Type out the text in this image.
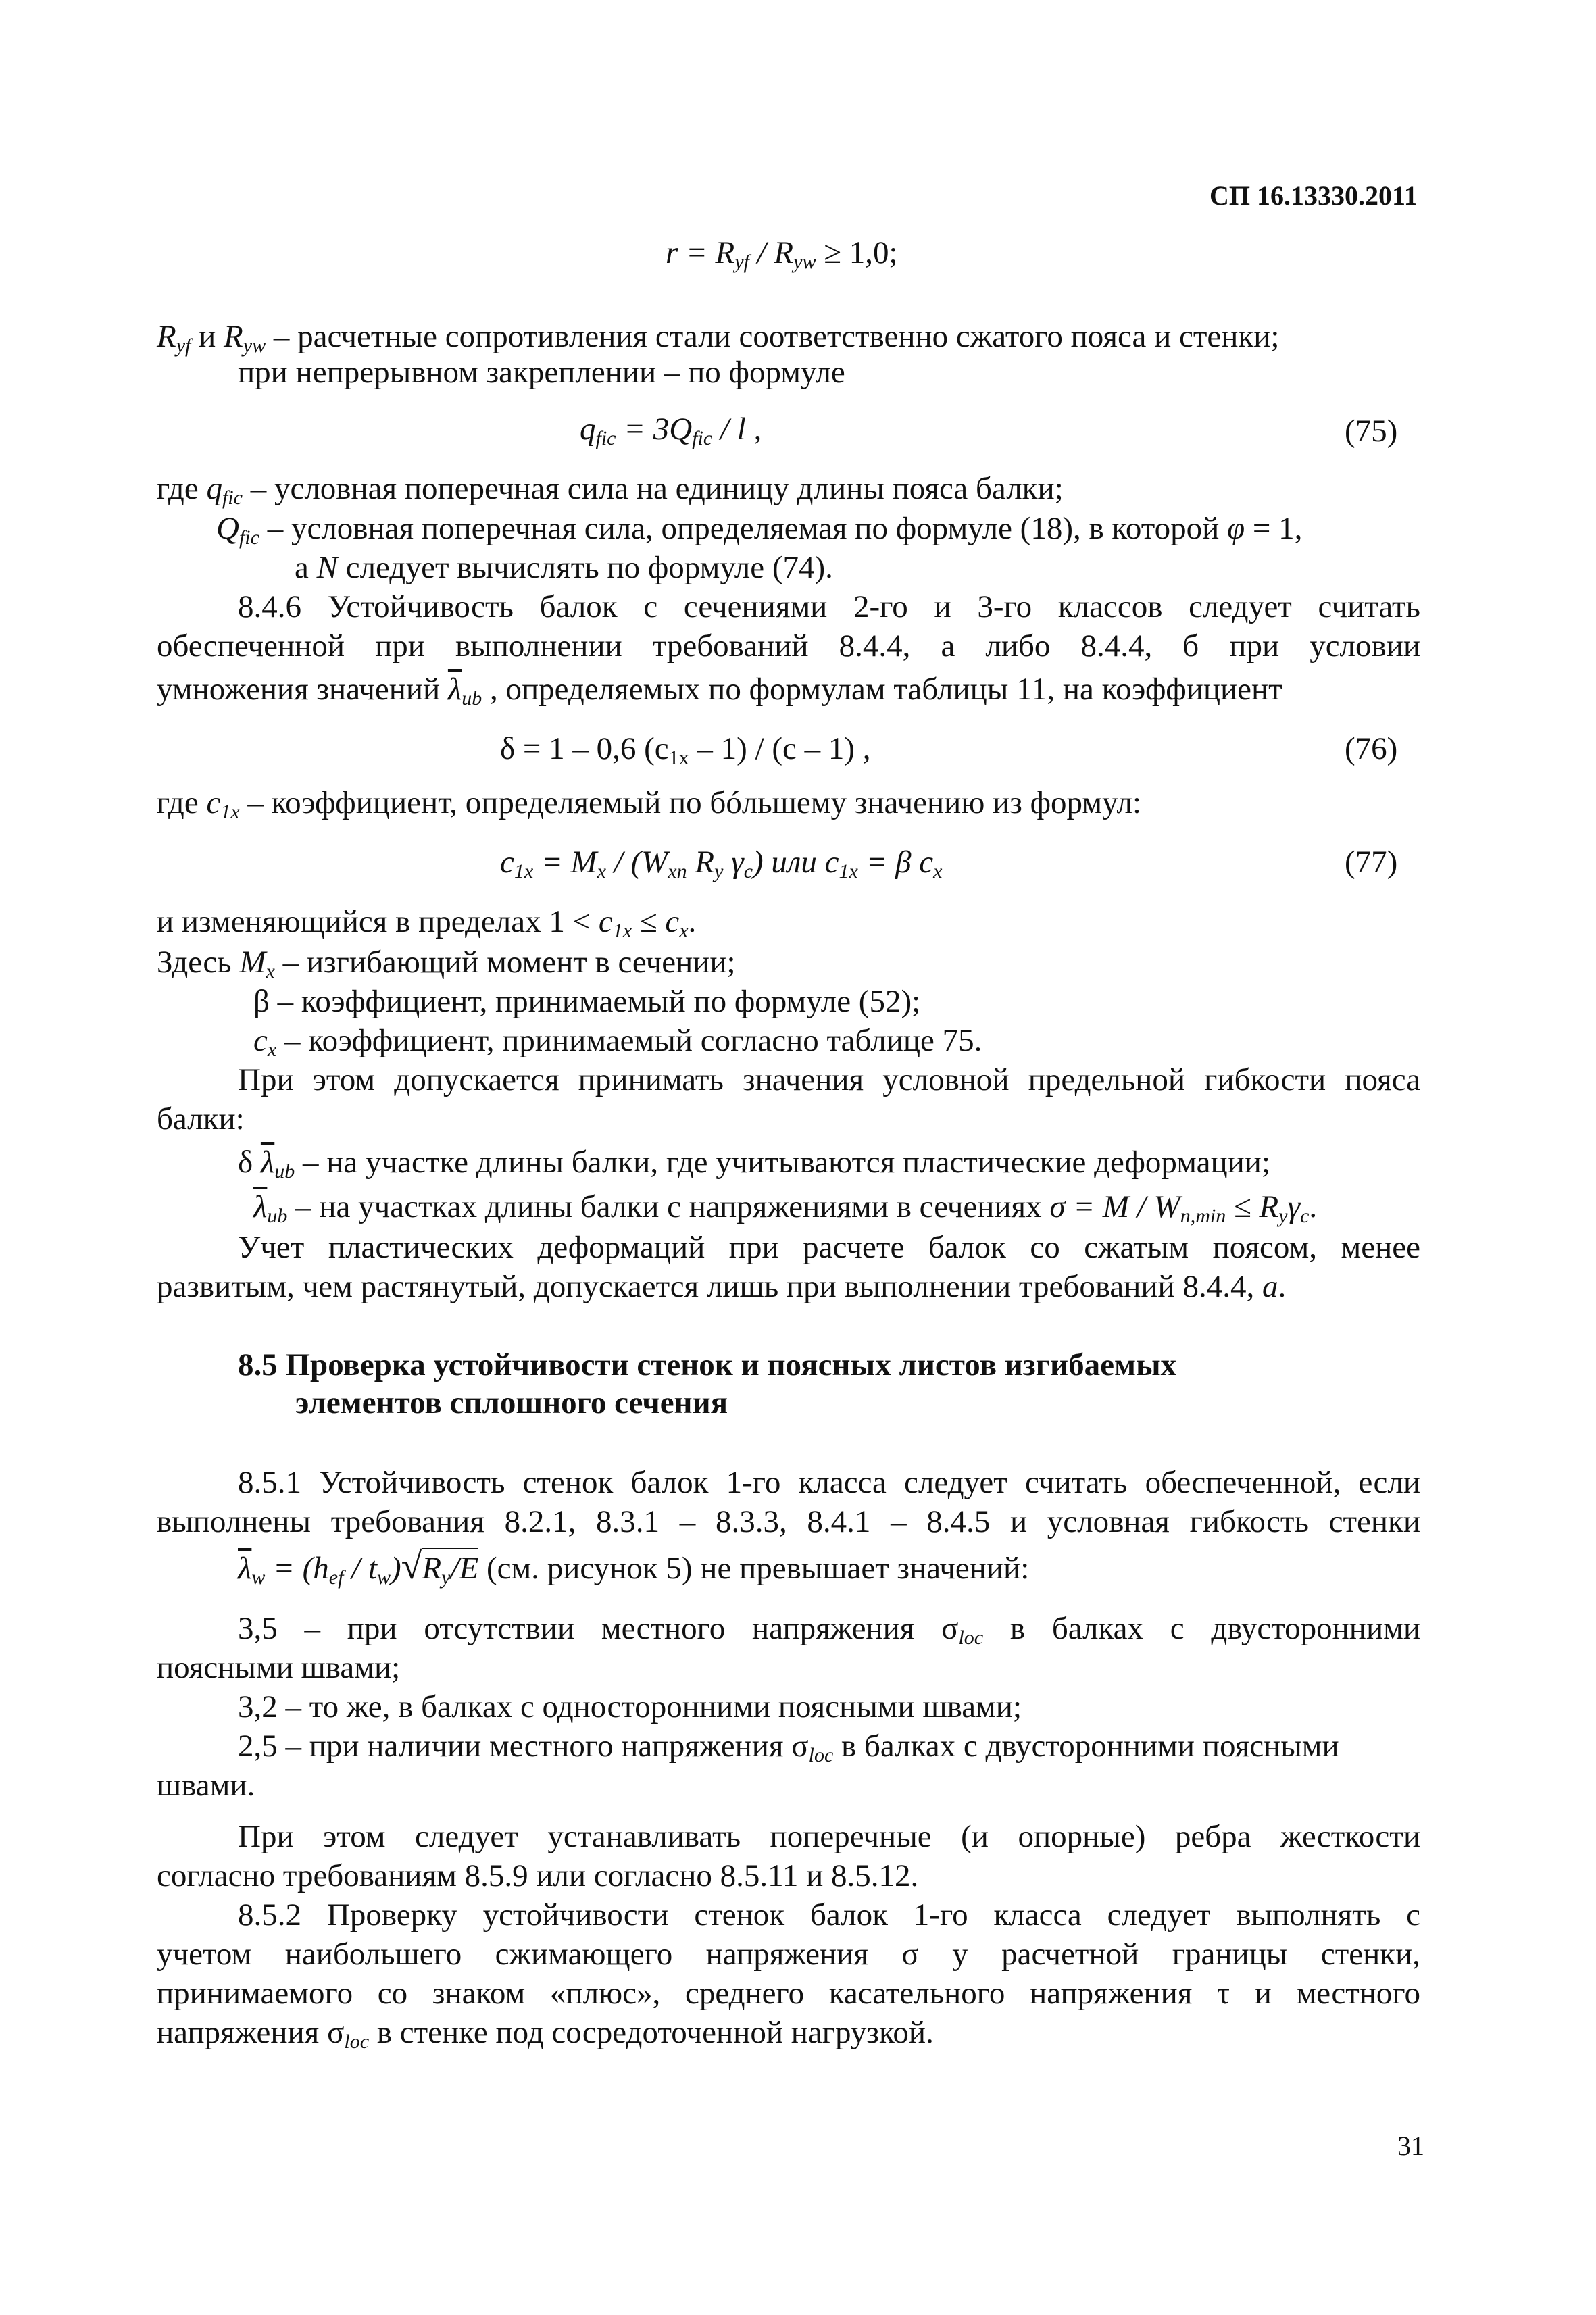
СП 16.13330.2011
$r = R_{yf} / R_{yw} \ge 1,0$;
$R_{yf}$ и $R_{yw}$ – расчетные сопротивления стали соответственно сжатого пояса и стенки;
при непрерывном закреплении – по формуле
$q_{fic} = 3Q_{fic} / l$ ,	(75)
где $q_{fic}$ – условная поперечная сила на единицу длины пояса балки;
$Q_{fic}$ – условная поперечная сила, определяемая по формуле (18), в которой φ = 1,
а N следует вычислять по формуле (74).
8.4.6 Устойчивость балок с сечениями 2-го и 3-го классов следует считать
обеспеченной при выполнении требований 8.4.4, а либо 8.4.4, б при условии
умножения значений $\overline{\lambda}_{ub}$ , определяемых по формулам таблицы 11, на коэффициент
δ = 1 – 0,6 $(c_{1x} - 1) / (c - 1)$ ,	(76)
где $c_{1x}$ – коэффициент, определяемый по бóльшему значению из формул:
$c_{1x} = M_x / (W_{xn}$ $R_y$ $\gamma_c$) или $c_{1x} = \beta$ $c_x$	(77)
и изменяющийся в пределах $1 < c_{1x} \le c_x$.
Здесь $M_x$ – изгибающий момент в сечении;
β – коэффициент, принимаемый по формуле (52);
$c_x$ – коэффициент, принимаемый согласно таблице 75.
При этом допускается принимать значения условной предельной гибкости пояса
балки:
δ $\overline{\lambda}_{ub}$ – на участке длины балки, где учитываются пластические деформации;
$\overline{\lambda}_{ub}$ – на участках длины балки с напряжениями в сечениях $\sigma = M / W_{n,min} \le R_y\gamma_c$.
Учет пластических деформаций при расчете балок со сжатым поясом, менее
развитым, чем растянутый, допускается лишь при выполнении требований 8.4.4, а.
8.5 Проверка устойчивости стенок и поясных листов изгибаемых
элементов сплошного сечения
8.5.1 Устойчивость стенок балок 1-го класса следует считать обеспеченной, если
выполнены требования 8.2.1, 8.3.1 – 8.3.3, 8.4.1 – 8.4.5 и условная гибкость стенки
$\overline{\lambda}_w = (h_{ef} / t_w)√R_y/E$ (см. рисунок 5) не превышает значений:
3,5 – при отсутствии местного напряжения $\sigma_{loc}$ в балках с двусторонними
поясными швами;
3,2 – то же, в балках с односторонними поясными швами;
2,5 – при наличии местного напряжения $\sigma_{loc}$ в балках с двусторонними поясными
швами.
При этом следует устанавливать поперечные (и опорные) ребра жесткости
согласно требованиям 8.5.9 или согласно 8.5.11 и 8.5.12.
8.5.2 Проверку устойчивости стенок балок 1-го класса следует выполнять с
учетом наибольшего сжимающего напряжения σ у расчетной границы стенки,
принимаемого со знаком «плюс», среднего касательного напряжения τ и местного
напряжения $\sigma_{loc}$ в стенке под сосредоточенной нагрузкой.
31
